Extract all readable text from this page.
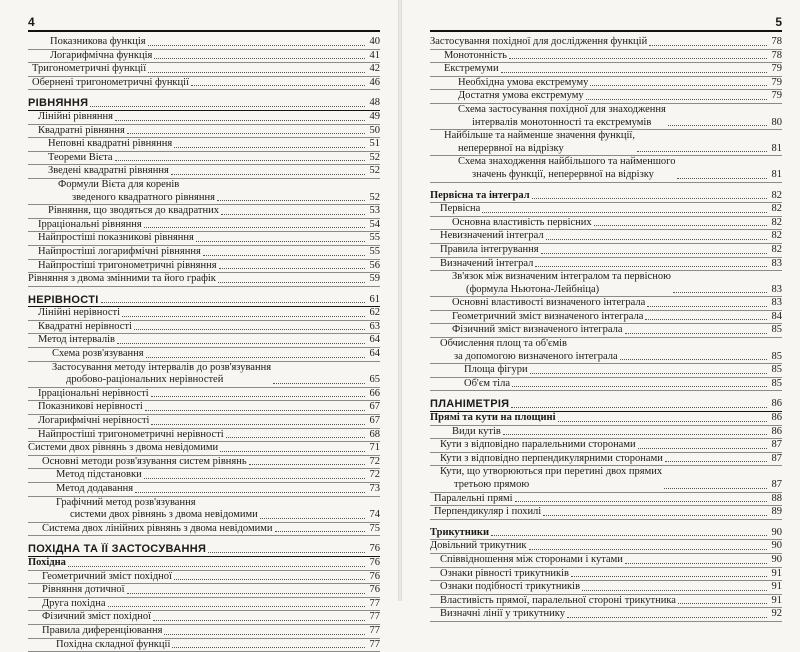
4
Показникова функція	40
Логарифмічна функція	41
Тригонометричні функції	42
Обернені тригонометричні функції	46
РІВНЯННЯ	48
Лінійні рівняння	49
Квадратні рівняння	50
Неповні квадратні рівняння	51
Теореми Вієта	52
Зведені квадратні рівняння	52
Формули Вієта для коренів
зведеного квадратного рівняння	52
Рівняння, що зводяться до квадратних	53
Ірраціональні рівняння	54
Найпростіші показникові рівняння	55
Найпростіші логарифмічні рівняння	55
Найпростіші тригонометричні рівняння	56
Рівняння з двома змінними та його графік	59
НЕРІВНОСТІ	61
Лінійні нерівності	62
Квадратні нерівності	63
Метод інтервалів	64
Схема розв'язування	64
Застосування методу інтервалів до розв'язування
дробово-раціональних нерівностей	65
Ірраціональні нерівності	66
Показникові нерівності	67
Логарифмічні нерівності	67
Найпростіші тригонометричні нерівності	68
Системи двох рівнянь з двома невідомими	71
Основні методи розв'язування систем рівнянь	72
Метод підстановки	72
Метод додавання	73
Графічний метод розв'язування
системи двох рівнянь з двома невідомими	74
Система двох лінійних рівнянь з двома невідомими	75
ПОХІДНА ТА ЇЇ ЗАСТОСУВАННЯ	76
Похідна	76
Геометричний зміст похідної	76
Рівняння дотичної	76
Друга похідна	77
Фізичний зміст похідної	77
Правила диференціювання	77
Похідна складної функції	77
5
Застосування похідної для дослідження функцій	78
Монотонність	78
Екстремуми	79
Необхідна умова екстремуму	79
Достатня умова екстремуму	79
Схема застосування похідної для знаходження
інтервалів монотонності та екстремумів	80
Найбільше та найменше значення функції,
неперервної на відрізку	81
Схема знаходження найбільшого та найменшого
значень функції, неперервної на відрізку	81
Первісна та інтеграл	82
Первісна	82
Основна властивість первісних	82
Невизначений інтеграл	82
Правила інтегрування	82
Визначений інтеграл	83
Зв'язок між визначеним інтегралом та первісною
(формула Ньютона-Лейбніца)	83
Основні властивості визначеного інтеграла	83
Геометричний зміст визначеного інтеграла	84
Фізичний зміст визначеного інтеграла	85
Обчислення площ та об'ємів
за допомогою визначеного інтеграла	85
Площа фігури	85
Об'єм тіла	85
ПЛАНІМЕТРІЯ	86
Прямі та кути на площині	86
Види кутів	86
Кути з відповідно паралельними сторонами	87
Кути з відповідно перпендикулярними сторонами	87
Кути, що утворюються при перетині двох прямих
третьою прямою	87
Паралельні прямі	88
Перпендикуляр і похилі	89
Трикутники	90
Довільний трикутник	90
Співвідношення між сторонами і кутами	90
Ознаки рівності трикутників	91
Ознаки подібності трикутників	91
Властивість прямої, паралельної стороні трикутника	91
Визначні лінії у трикутнику	92
